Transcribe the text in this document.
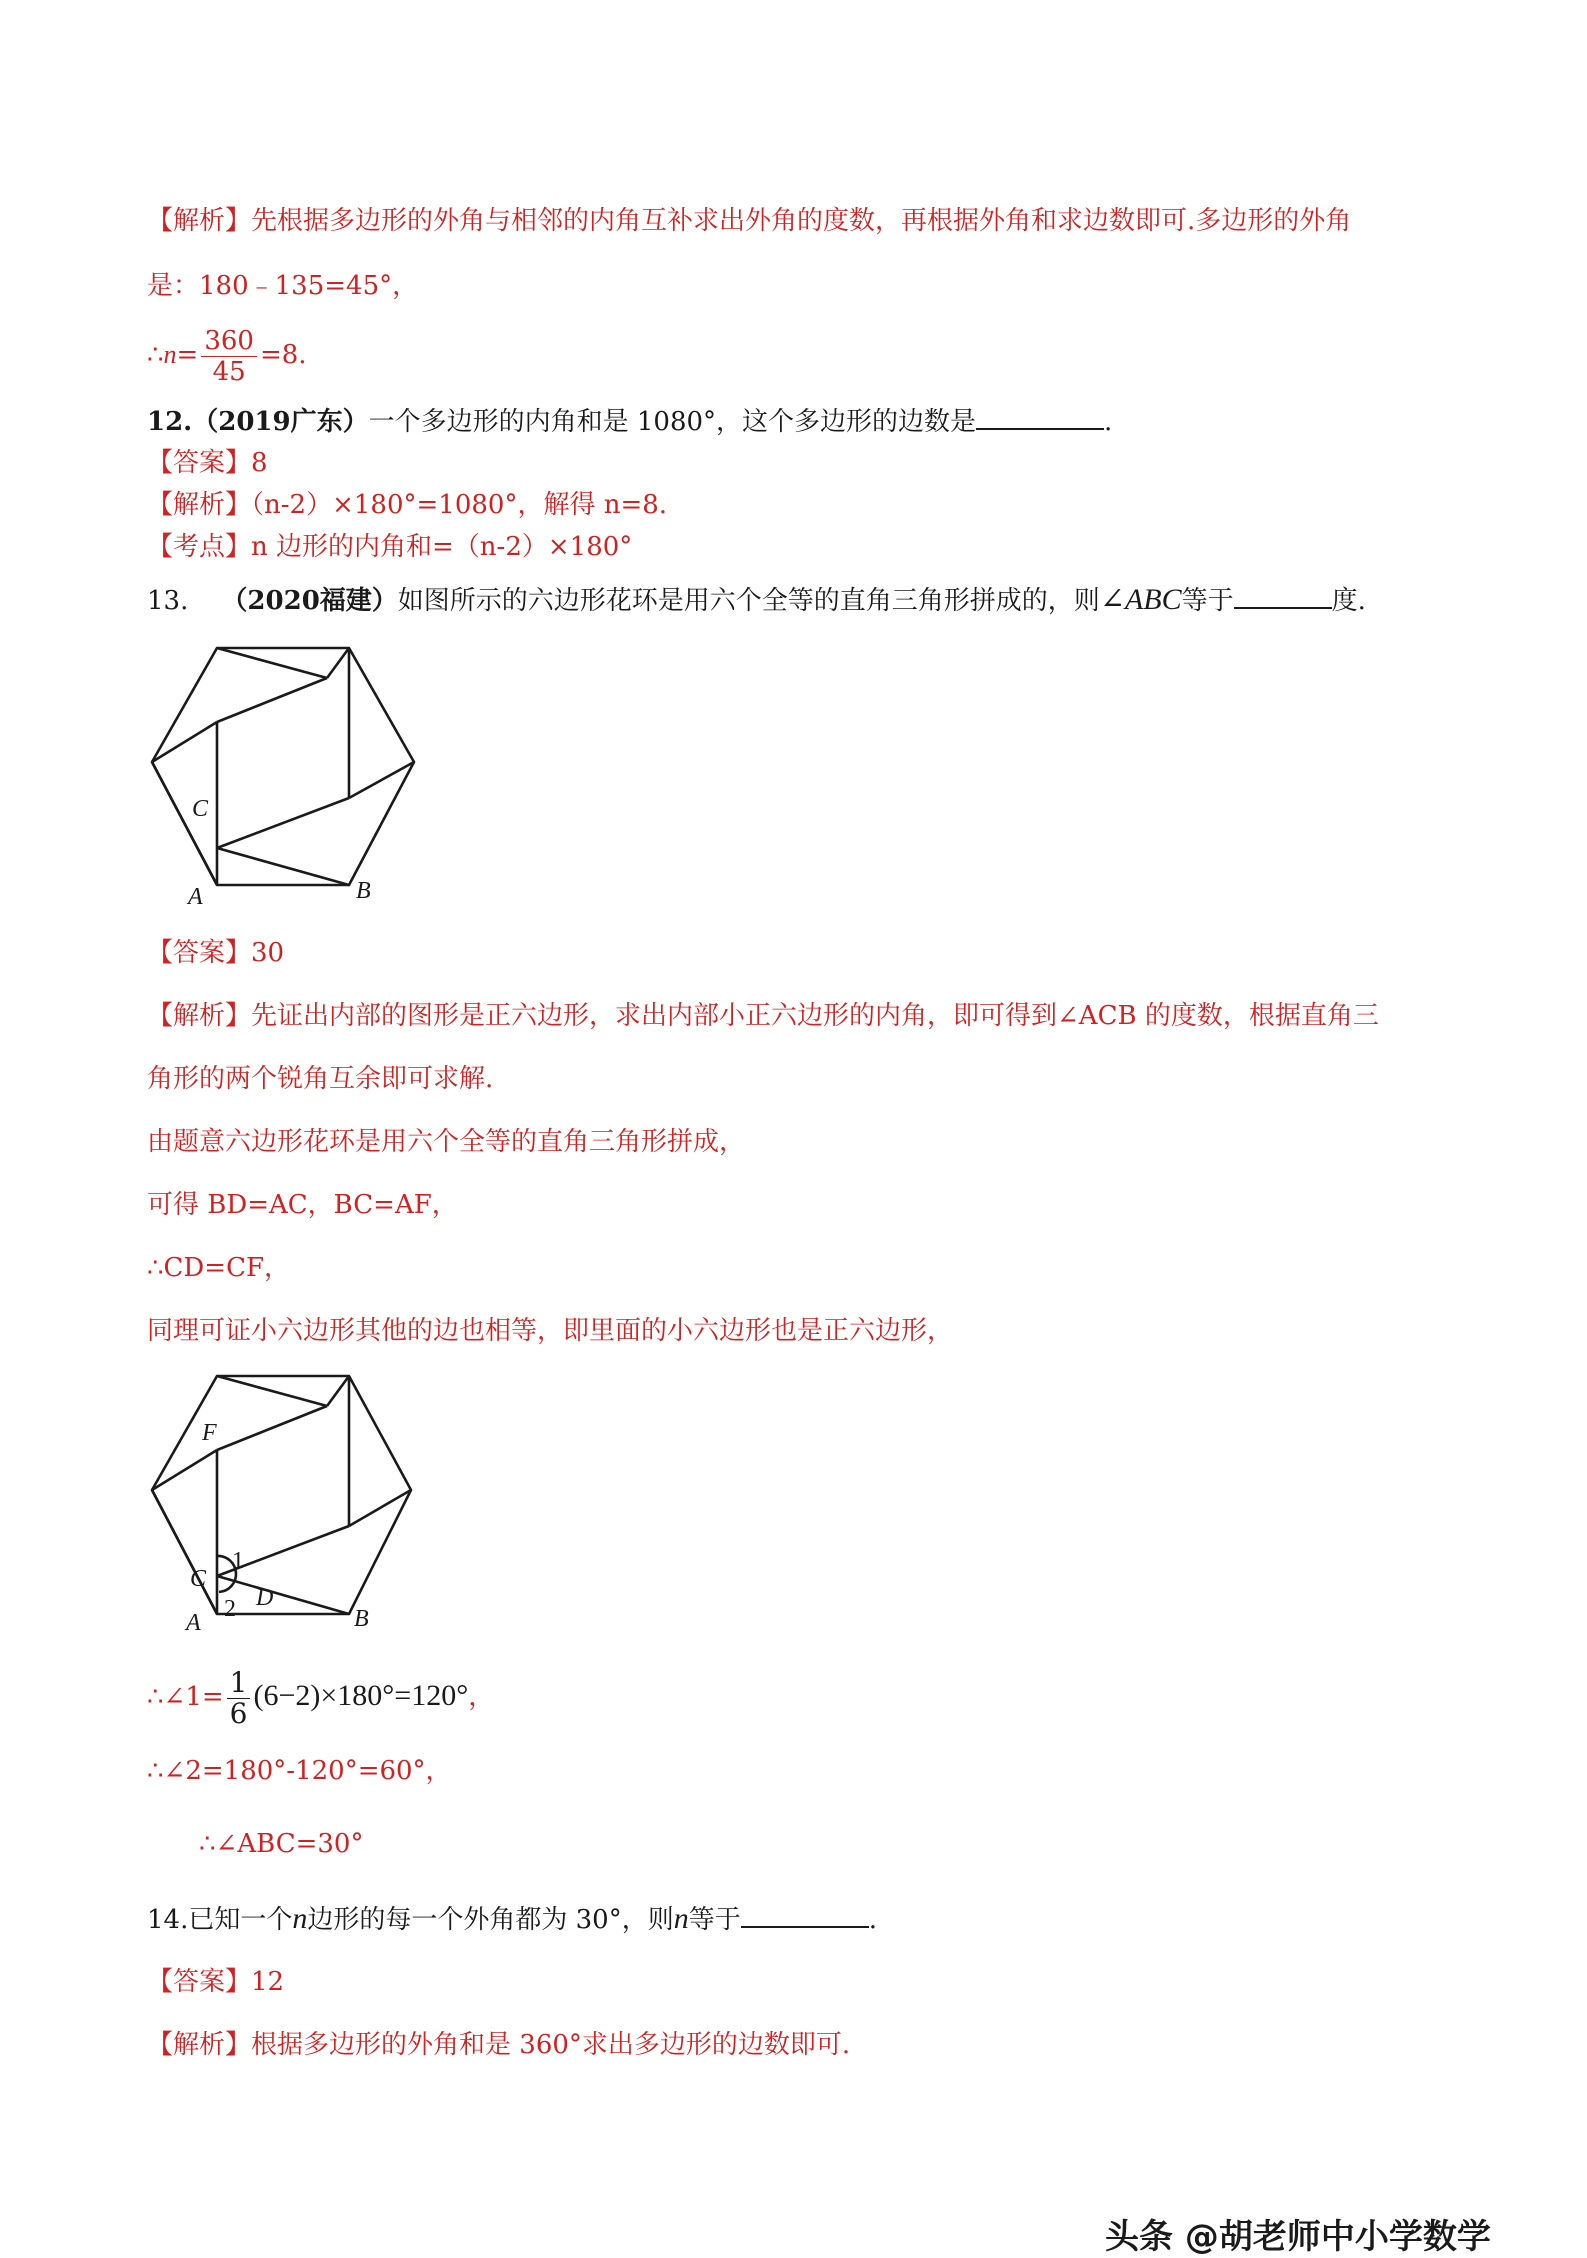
【解析】先根据多边形的外角与相邻的内角互补求出外角的度数，再根据外角和求边数即可.多边形的外角
是：180﹣135=45°，
∴n= $\frac{360}{45} =8$.
12.（2019广东）一个多边形的内角和是 1080°，这个多边形的边数是	.
【答案】8
【解析】（n-2）×180°=1080°，解得 n=8.
【考点】n 边形的内角和=（n-2）×180°
13. （2020福建）如图所示的六边形花环是用六个全等的直角三角形拼成的，则∠ABC等于	度.
C
A	B
【答案】30
【解析】先证出内部的图形是正六边形，求出内部小正六边形的内角，即可得到∠ACB 的度数，根据直角三
角形的两个锐角互余即可求解.
由题意六边形花环是用六个全等的直角三角形拼成，
可得 BD=AC，BC=AF，
∴CD=CF，
同理可证小六边形其他的边也相等，即里面的小六边形也是正六边形，
F
C
1
2 D
A	B
∴∠1= $\frac{1}{6} (6-2)\times 180^\circ=120^\circ$，
∴∠2=180°-120°=60°，
∴∠ABC=30°
14.已知一个n边形的每一个外角都为 30°，则n等于	.
【答案】12
【解析】根据多边形的外角和是 360°求出多边形的边数即可.
头条 @胡老师中小学数学
